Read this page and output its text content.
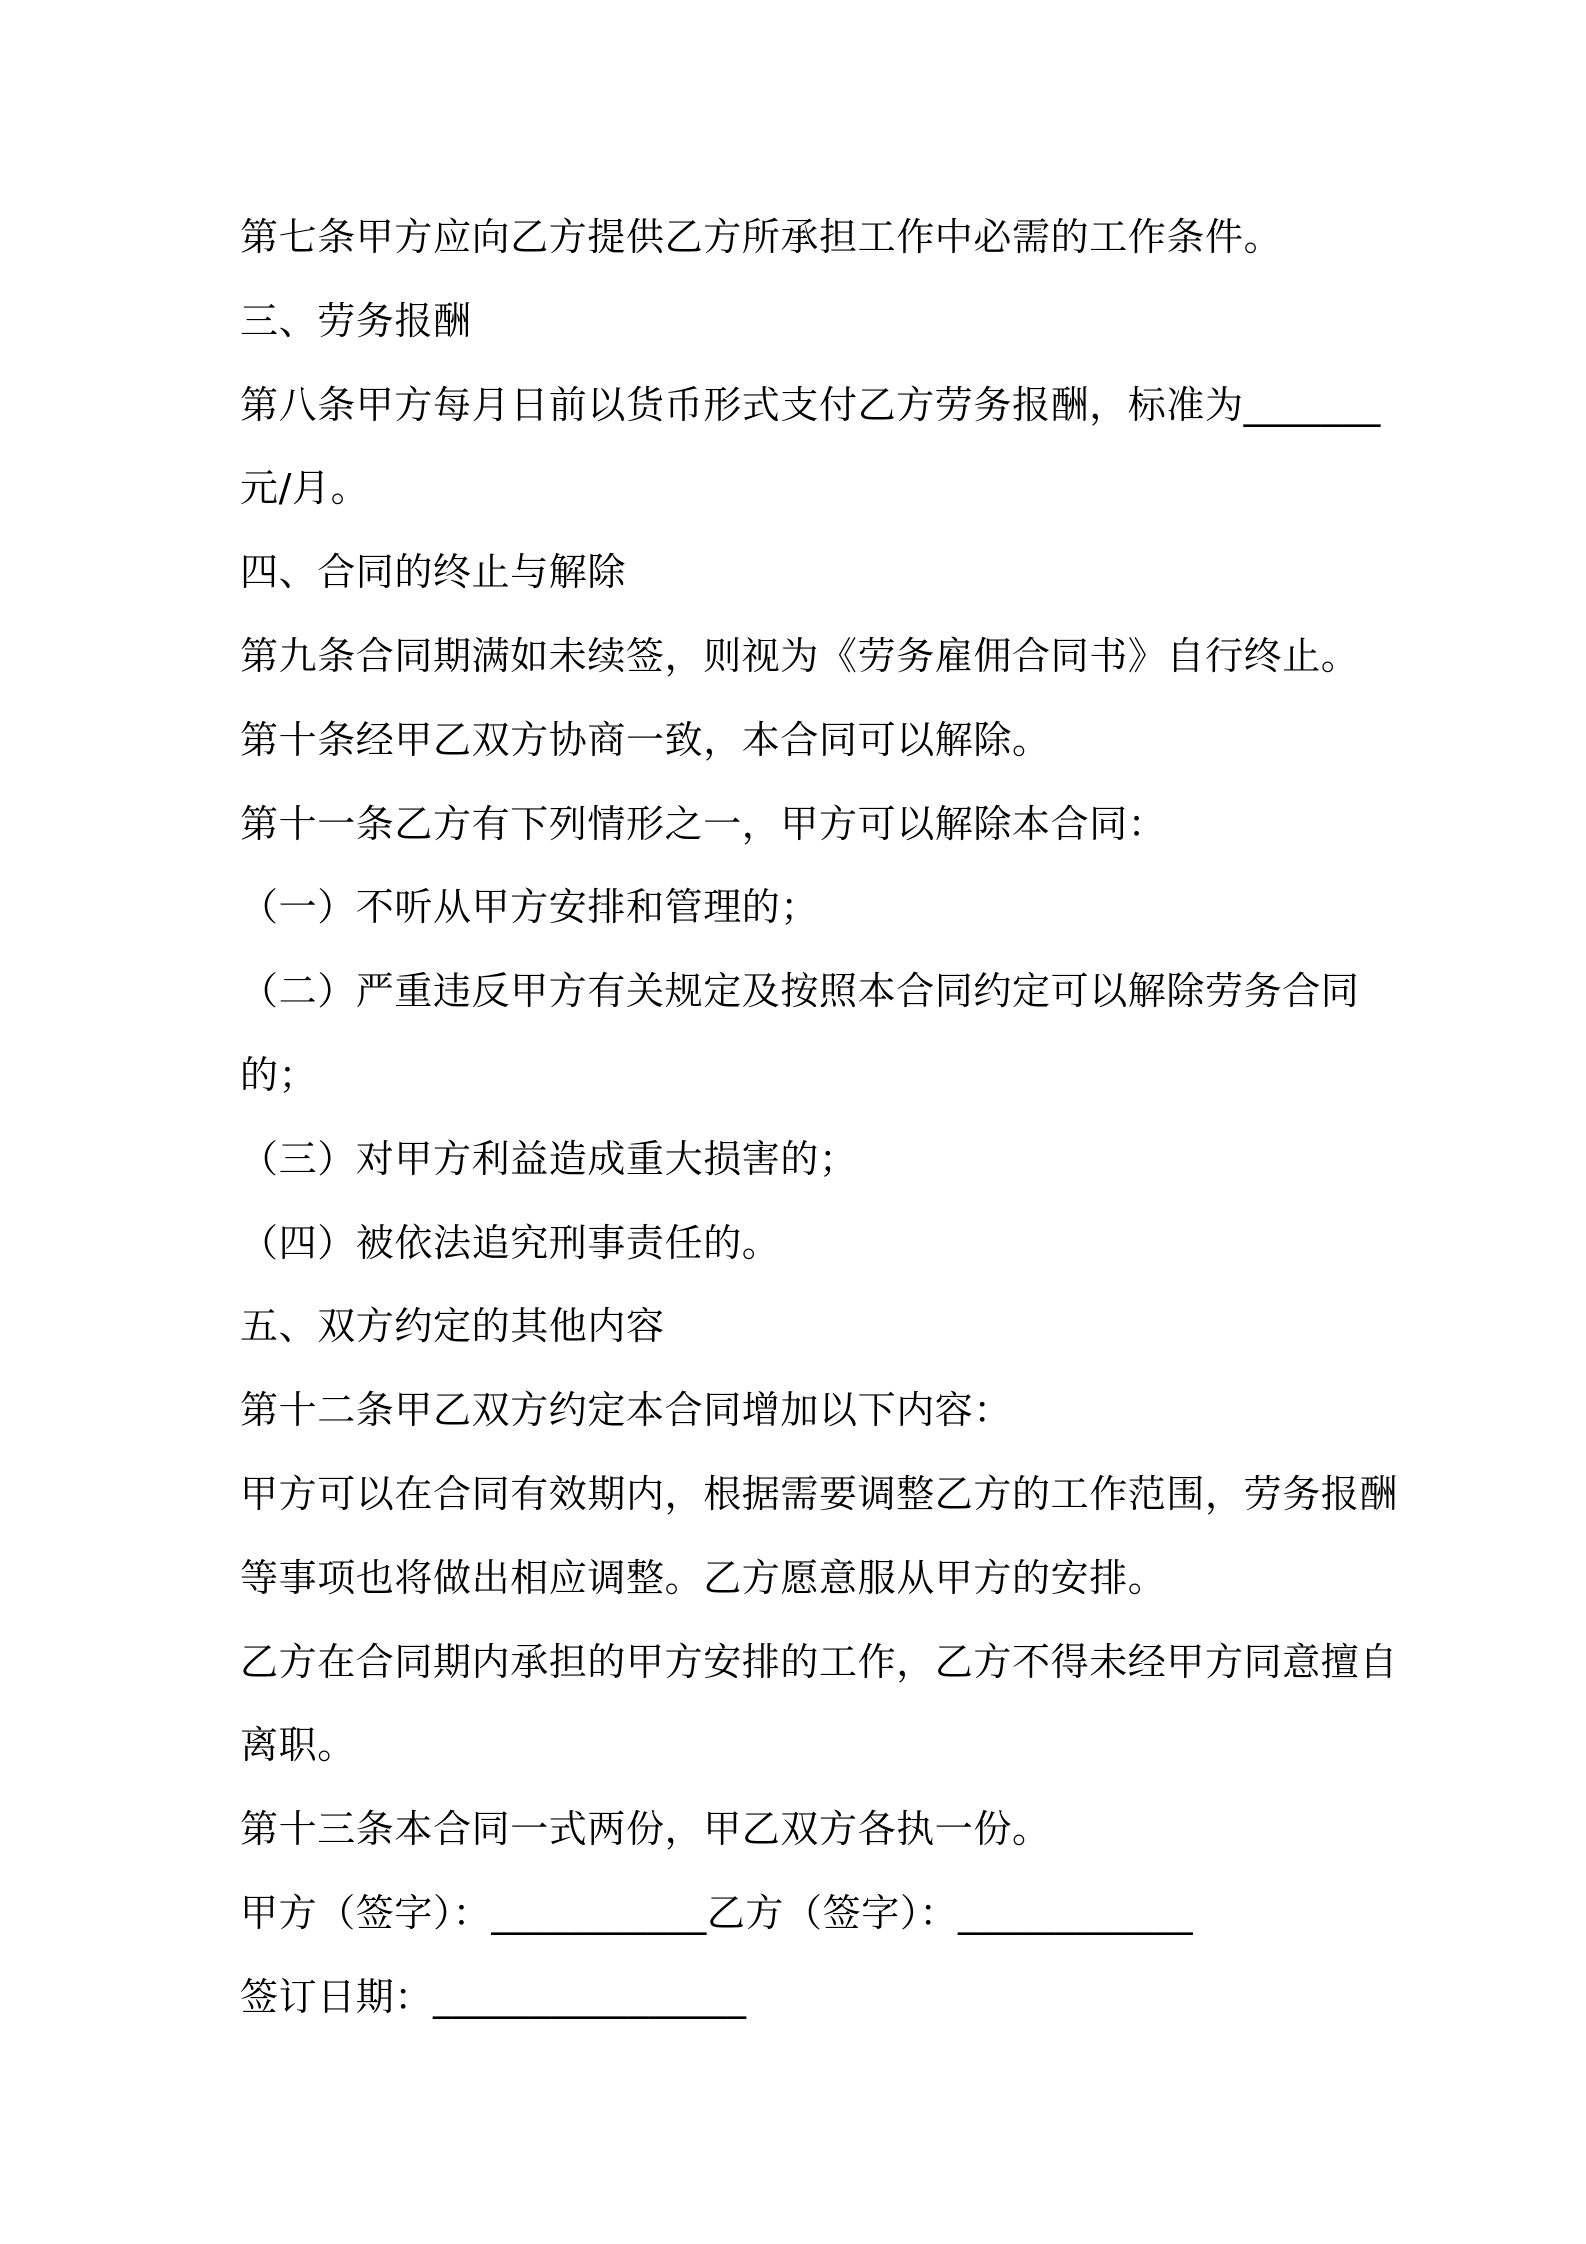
第七条甲方应向乙方提供乙方所承担工作中必需的工作条件。
三、劳务报酬
第八条甲方每月日前以货币形式支付乙方劳务报酬，标准为_______
元/月。
四、合同的终止与解除
第九条合同期满如未续签，则视为《劳务雇佣合同书》自行终止。
第十条经甲乙双方协商一致，本合同可以解除。
第十一条乙方有下列情形之一，甲方可以解除本合同：
（一）不听从甲方安排和管理的；
（二）严重违反甲方有关规定及按照本合同约定可以解除劳务合同
的；
（三）对甲方利益造成重大损害的；
（四）被依法追究刑事责任的。
五、双方约定的其他内容
第十二条甲乙双方约定本合同增加以下内容：
甲方可以在合同有效期内，根据需要调整乙方的工作范围，劳务报酬
等事项也将做出相应调整。乙方愿意服从甲方的安排。
乙方在合同期内承担的甲方安排的工作，乙方不得未经甲方同意擅自
离职。
第十三条本合同一式两份，甲乙双方各执一份。
甲方（签字）：___________乙方（签字）：____________
签订日期：________________
